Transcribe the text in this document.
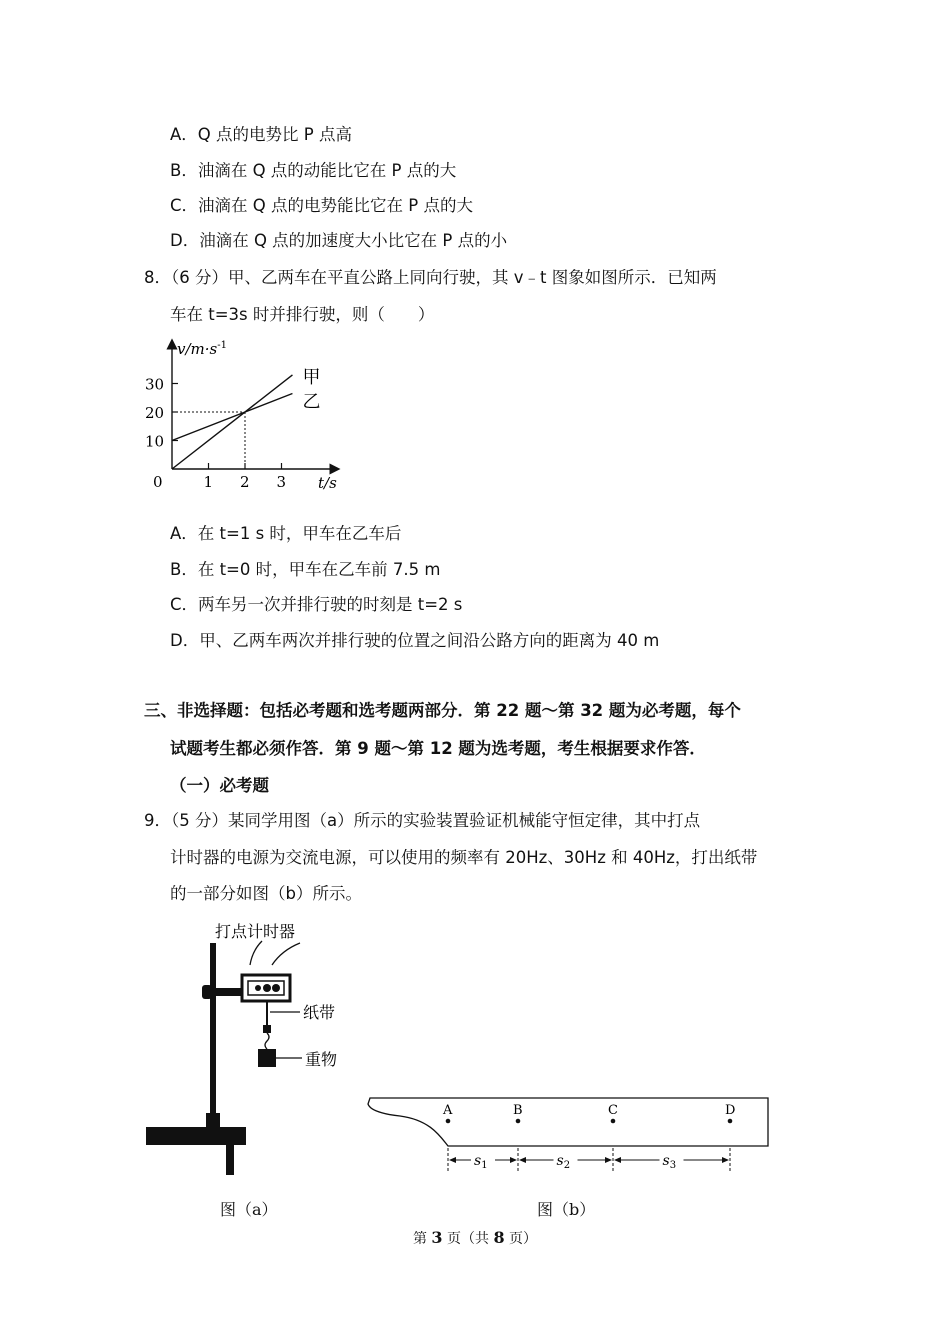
A．Q 点的电势比 P 点高
B．油滴在 Q 点的动能比它在 P 点的大
C．油滴在 Q 点的电势能比它在 P 点的大
D．油滴在 Q 点的加速度大小比它在 P 点的小
8．（6 分）甲、乙两车在平直公路上同向行驶，其 v﹣t 图象如图所示．已知两
车在 t=3s 时并排行驶，则（　　）
1 2 3
10
20
30	甲
乙
$v/m\cdot s^{-1}$
t/s
0
A．在 t=1 s 时，甲车在乙车后
B．在 t=0 时，甲车在乙车前 7.5 m
C．两车另一次并排行驶的时刻是 t=2 s
D．甲、乙两车两次并排行驶的位置之间沿公路方向的距离为 40 m
三、非选择题：包括必考题和选考题两部分．第 22 题～第 32 题为必考题，每个
试题考生都必须作答．第 9 题～第 12 题为选考题，考生根据要求作答．
（一）必考题
9．（5 分）某同学用图（a）所示的实验装置验证机械能守恒定律，其中打点
计时器的电源为交流电源，可以使用的频率有 20Hz、30Hz 和 40Hz，打出纸带
的一部分如图（b）所示。
打点计时器
纸带
重物
A	B	C	D
$s_1$	$s_2$	$s_3$
图（a）	图（b）
第 3 页（共 8 页）
